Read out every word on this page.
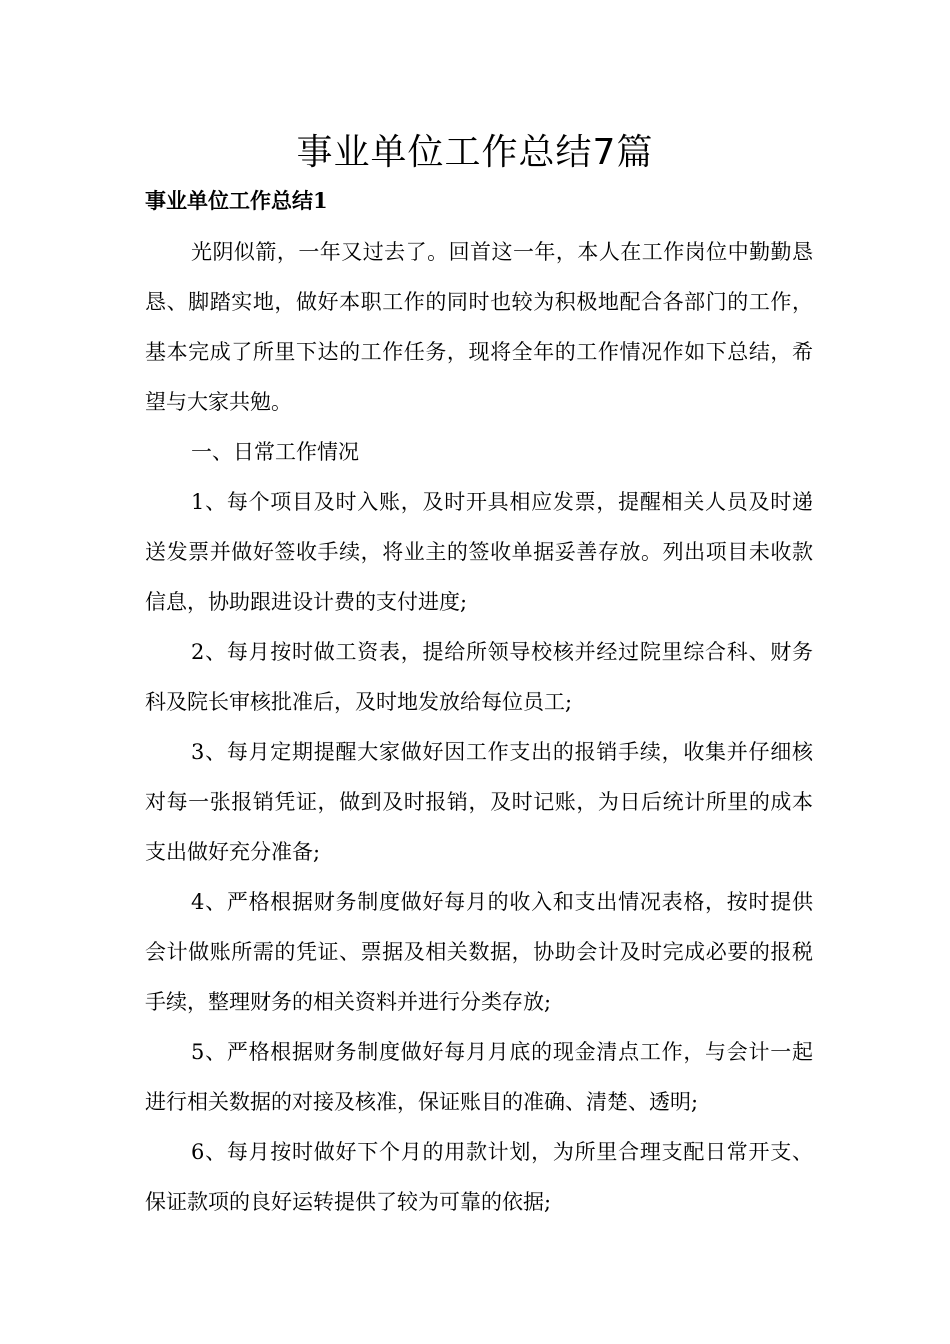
事业单位工作总结7篇
事业单位工作总结1

光阴似箭，一年又过去了。回首这一年，本人在工作岗位中勤勤恳恳、脚踏实地，做好本职工作的同时也较为积极地配合各部门的工作，基本完成了所里下达的工作任务，现将全年的工作情况作如下总结，希望与大家共勉。

一、日常工作情况

1、每个项目及时入账，及时开具相应发票，提醒相关人员及时递送发票并做好签收手续，将业主的签收单据妥善存放。列出项目未收款信息，协助跟进设计费的支付进度;

2、每月按时做工资表，提给所领导校核并经过院里综合科、财务科及院长审核批准后，及时地发放给每位员工;

3、每月定期提醒大家做好因工作支出的报销手续，收集并仔细核对每一张报销凭证，做到及时报销，及时记账，为日后统计所里的成本支出做好充分准备;

4、严格根据财务制度做好每月的收入和支出情况表格，按时提供会计做账所需的凭证、票据及相关数据，协助会计及时完成必要的报税手续，整理财务的相关资料并进行分类存放;

5、严格根据财务制度做好每月月底的现金清点工作，与会计一起进行相关数据的对接及核准，保证账目的准确、清楚、透明;

6、每月按时做好下个月的用款计划，为所里合理支配日常开支、保证款项的良好运转提供了较为可靠的依据;
